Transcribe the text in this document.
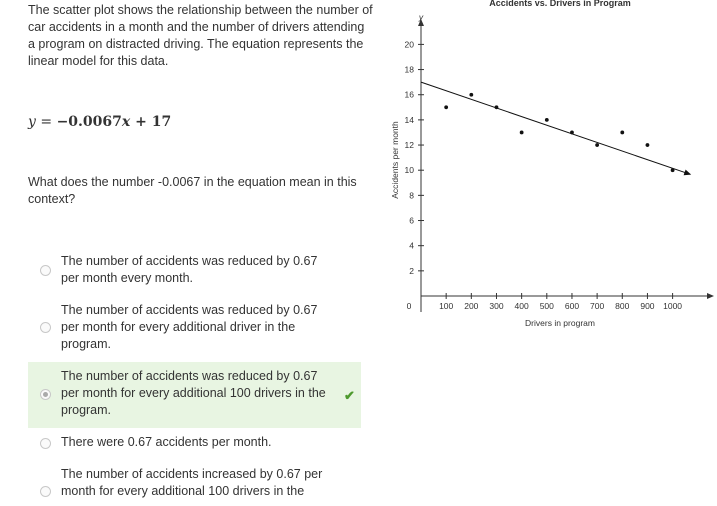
The scatter plot shows the relationship between the number of car accidents in a month and the number of drivers attending a program on distracted driving. The equation represents the linear model for this data.
y = −0.0067x + 17
What does the number -0.0067 in the equation mean in this context?
The number of accidents was reduced by 0.67 per month every month.
The number of accidents was reduced by 0.67 per month for every additional driver in the program.
The number of accidents was reduced by 0.67 per month for every additional 100 drivers in the program.
✔
There were 0.67 accidents per month.
The number of accidents increased by 0.67 per month for every additional 100 drivers in the
Accidents vs. Drivers in Program
y
0
Drivers in program
Accidents per month
100 200 300 400 500 600 700 800 900 1000
2
4
6
8
10
12
14
16
18
20
